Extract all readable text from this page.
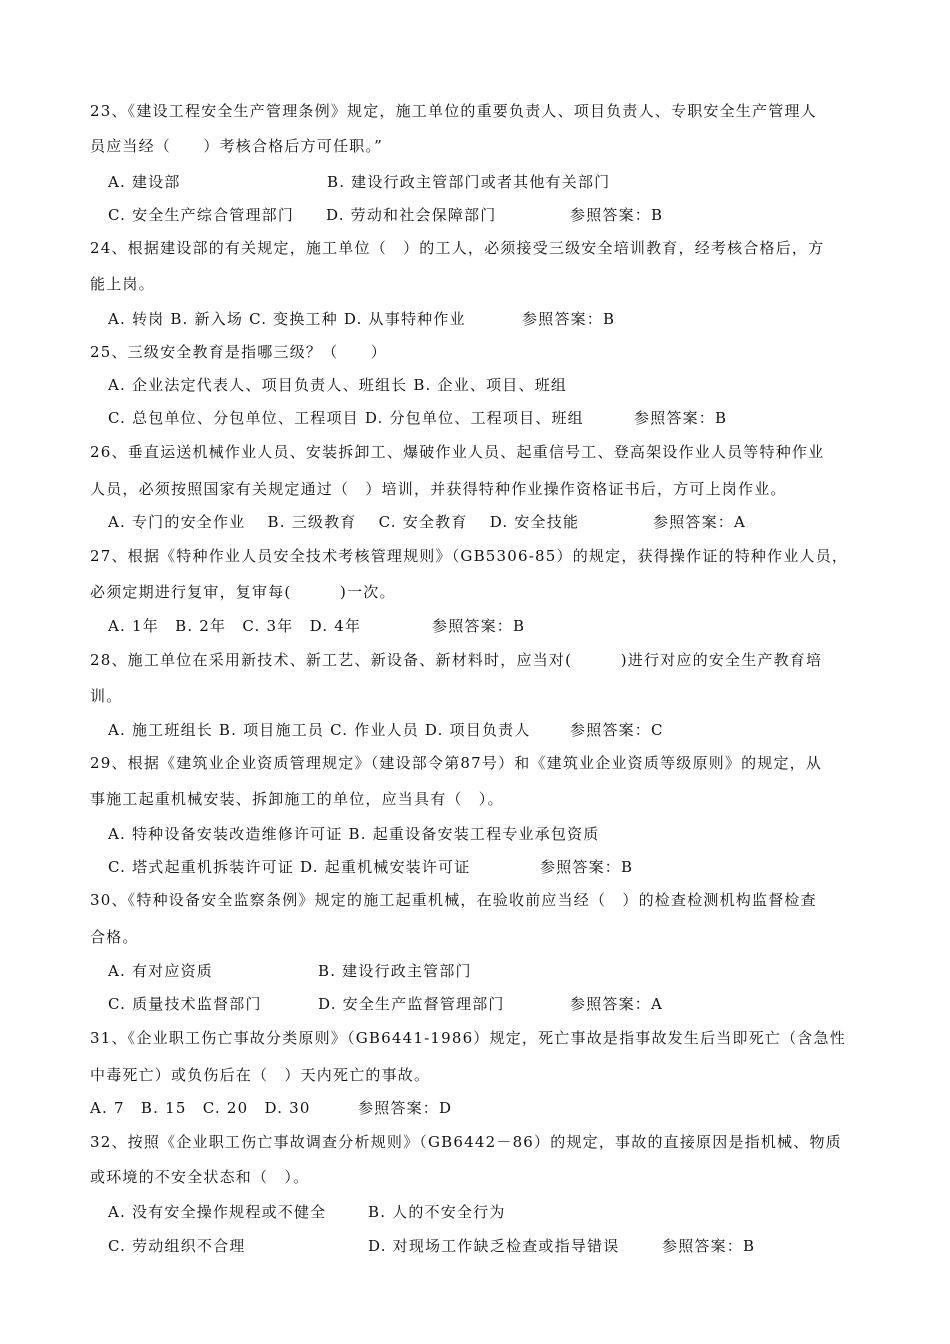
23、《建设工程安全生产管理条例》规定，施工单位的重要负责人、项目负责人、专职安全生产管理人
员应当经（　　）考核合格后方可任职。”
A. 建设部	B. 建设行政主管部门或者其他有关部门
C. 安全生产综合管理部门 D. 劳动和社会保障部门	参照答案：B
24、根据建设部的有关规定，施工单位（　）的工人，必须接受三级安全培训教育，经考核合格后，方
能上岗。
A. 转岗 B. 新入场 C. 变换工种 D. 从事特种作业	参照答案：B
25、三级安全教育是指哪三级？（　　）
A. 企业法定代表人、项目负责人、班组长 B. 企业、项目、班组
C. 总包单位、分包单位、工程项目 D. 分包单位、工程项目、班组	参照答案：B
26、垂直运送机械作业人员、安装拆卸工、爆破作业人员、起重信号工、登高架设作业人员等特种作业
人员，必须按照国家有关规定通过（　）培训，并获得特种作业操作资格证书后，方可上岗作业。
A. 专门的安全作业　 B. 三级教育　 C. 安全教育　 D. 安全技能	参照答案：A
27、根据《特种作业人员安全技术考核管理规则》（GB5306-85）的规定，获得操作证的特种作业人员，
必须定期进行复审，复审每(　　　)一次。
A. 1年　B. 2年　C. 3年　D. 4年	参照答案：B
28、施工单位在采用新技术、新工艺、新设备、新材料时，应当对(　　　)进行对应的安全生产教育培
训。
A. 施工班组长 B. 项目施工员 C. 作业人员 D. 项目负责人	参照答案：C
29、根据《建筑业企业资质管理规定》（建设部令第87号）和《建筑业企业资质等级原则》的规定，从
事施工起重机械安装、拆卸施工的单位，应当具有（　）。
A. 特种设备安装改造维修许可证 B. 起重设备安装工程专业承包资质
C. 塔式起重机拆装许可证 D. 起重机械安装许可证	参照答案：B
30、《特种设备安全监察条例》规定的施工起重机械，在验收前应当经（　）的检查检测机构监督检查
合格。
A. 有对应资质	B. 建设行政主管部门
C. 质量技术监督部门	D. 安全生产监督管理部门	参照答案：A
31、《企业职工伤亡事故分类原则》（GB6441-1986）规定，死亡事故是指事故发生后当即死亡（含急性
中毒死亡）或负伤后在（　）天内死亡的事故。
A. 7　B. 15　C. 20　D. 30	参照答案：D
32、按照《企业职工伤亡事故调查分析规则》（GB6442－86）的规定，事故的直接原因是指机械、物质
或环境的不安全状态和（　）。
A. 没有安全操作规程或不健全	B. 人的不安全行为
C. 劳动组织不合理	D. 对现场工作缺乏检查或指导错误	参照答案：B
